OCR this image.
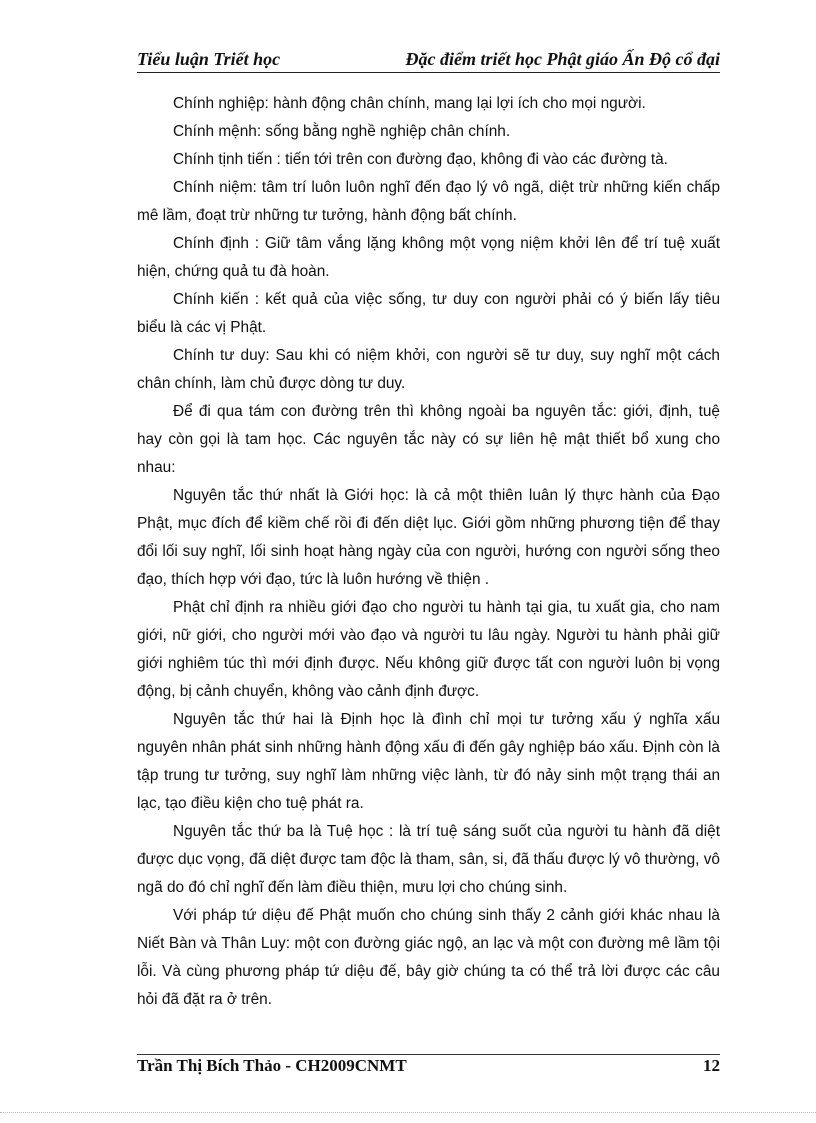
Tiểu luận Triết học	Đặc điểm triết học Phật giáo Ấn Độ cổ đại

Chính nghiệp: hành động chân chính, mang lại lợi ích cho mọi người.

Chính mệnh: sống bằng nghề nghiệp chân chính.

Chính tịnh tiến : tiến tới trên con đường đạo, không đi vào các đường tà.

Chính niệm: tâm trí luôn luôn nghĩ đến đạo lý vô ngã, diệt trừ những kiến chấp mê lầm, đoạt trừ những tư tưởng, hành động bất chính.

Chính định : Giữ tâm vắng lặng không một vọng niệm khởi lên để trí tuệ xuất hiện, chứng quả tu đà hoàn.

Chính kiến : kết quả của việc sống, tư duy con người phải có ý biến lấy tiêu biểu là các vị Phật.

Chính tư duy: Sau khi có niệm khởi, con người sẽ tư duy, suy nghĩ một cách chân chính, làm chủ được dòng tư duy.

Để đi qua tám con đường trên thì không ngoài ba nguyên tắc: giới, định, tuệ hay còn gọi là tam học. Các nguyên tắc này có sự liên hệ mật thiết bổ xung cho nhau:

Nguyên tắc thứ nhất là Giới học: là cả một thiên luân lý thực hành của Đạo Phật, mục đích để kiềm chế rồi đi đến diệt lục. Giới gồm những phương tiện để thay đổi lối suy nghĩ, lối sinh hoạt hàng ngày của con người, hướng con người sống theo đạo, thích hợp với đạo, tức là luôn hướng về thiện .

Phật chỉ định ra nhiều giới đạo cho người tu hành tại gia, tu xuất gia, cho nam giới, nữ giới, cho người mới vào đạo và người tu lâu ngày. Người tu hành phải giữ giới nghiêm túc thì mới định được. Nếu không giữ được tất con người luôn bị vọng động, bị cảnh chuyển, không vào cảnh định được.

Nguyên tắc thứ hai là Định học là đình chỉ mọi tư tưởng xấu ý nghĩa xấu nguyên nhân phát sinh những hành động xấu đi đến gây nghiệp báo xấu. Định còn là tập trung tư tưởng, suy nghĩ làm những việc lành, từ đó nảy sinh một trạng thái an lạc, tạo điều kiện cho tuệ phát ra.

Nguyên tắc thứ ba là Tuệ học : là trí tuệ sáng suốt của người tu hành đã diệt được dục vọng, đã diệt được tam độc là tham, sân, si, đã thấu được lý vô thường, vô ngã do đó chỉ nghĩ đến làm điều thiện, mưu lợi cho chúng sinh.

Với pháp tứ diệu đế Phật muốn cho chúng sinh thấy 2 cảnh giới khác nhau là Niết Bàn và Thân Luy: một con đường giác ngộ, an lạc và một con đường mê lầm tội lỗi. Và cùng phương pháp tứ diệu đế, bây giờ chúng ta có thể trả lời được các câu hỏi đã đặt ra ở trên.

Trần Thị Bích Thảo - CH2009CNMT	12
